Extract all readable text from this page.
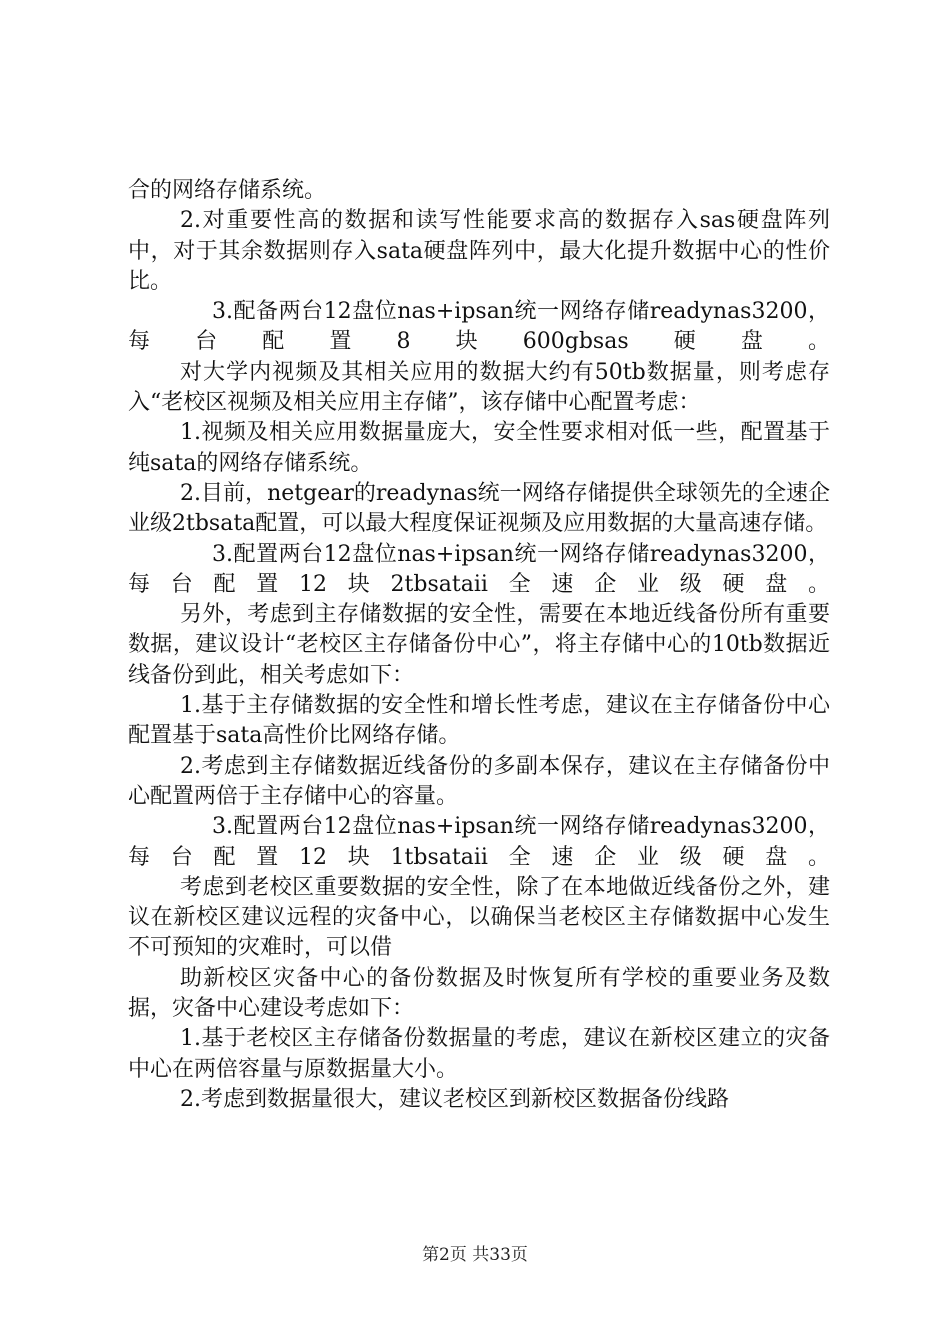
合的网络存储系统。

2.对重要性高的数据和读写性能要求高的数据存入sas硬盘阵列中，对于其余数据则存入sata硬盘阵列中，最大化提升数据中心的性价比。

3.配备两台12盘位nas+ipsan统一网络存储readynas3200，每台配置8块600gbsas硬盘。

对大学内视频及其相关应用的数据大约有50tb数据量，则考虑存入“老校区视频及相关应用主存储”，该存储中心配置考虑：

1.视频及相关应用数据量庞大，安全性要求相对低一些，配置基于纯sata的网络存储系统。

2.目前，netgear的readynas统一网络存储提供全球领先的全速企业级2tbsata配置，可以最大程度保证视频及应用数据的大量高速存储。

3.配置两台12盘位nas+ipsan统一网络存储readynas3200，每台配置12块2tbsataii全速企业级硬盘。

另外，考虑到主存储数据的安全性，需要在本地近线备份所有重要数据，建议设计“老校区主存储备份中心”，将主存储中心的10tb数据近线备份到此，相关考虑如下：

1.基于主存储数据的安全性和增长性考虑，建议在主存储备份中心配置基于sata高性价比网络存储。

2.考虑到主存储数据近线备份的多副本保存，建议在主存储备份中心配置两倍于主存储中心的容量。

3.配置两台12盘位nas+ipsan统一网络存储readynas3200，每台配置12块1tbsataii全速企业级硬盘。

考虑到老校区重要数据的安全性，除了在本地做近线备份之外，建议在新校区建议远程的灾备中心，以确保当老校区主存储数据中心发生不可预知的灾难时，可以借

助新校区灾备中心的备份数据及时恢复所有学校的重要业务及数据，灾备中心建设考虑如下：

1.基于老校区主存储备份数据量的考虑，建议在新校区建立的灾备中心在两倍容量与原数据量大小。

2.考虑到数据量很大，建议老校区到新校区数据备份线路

第2页 共33页
